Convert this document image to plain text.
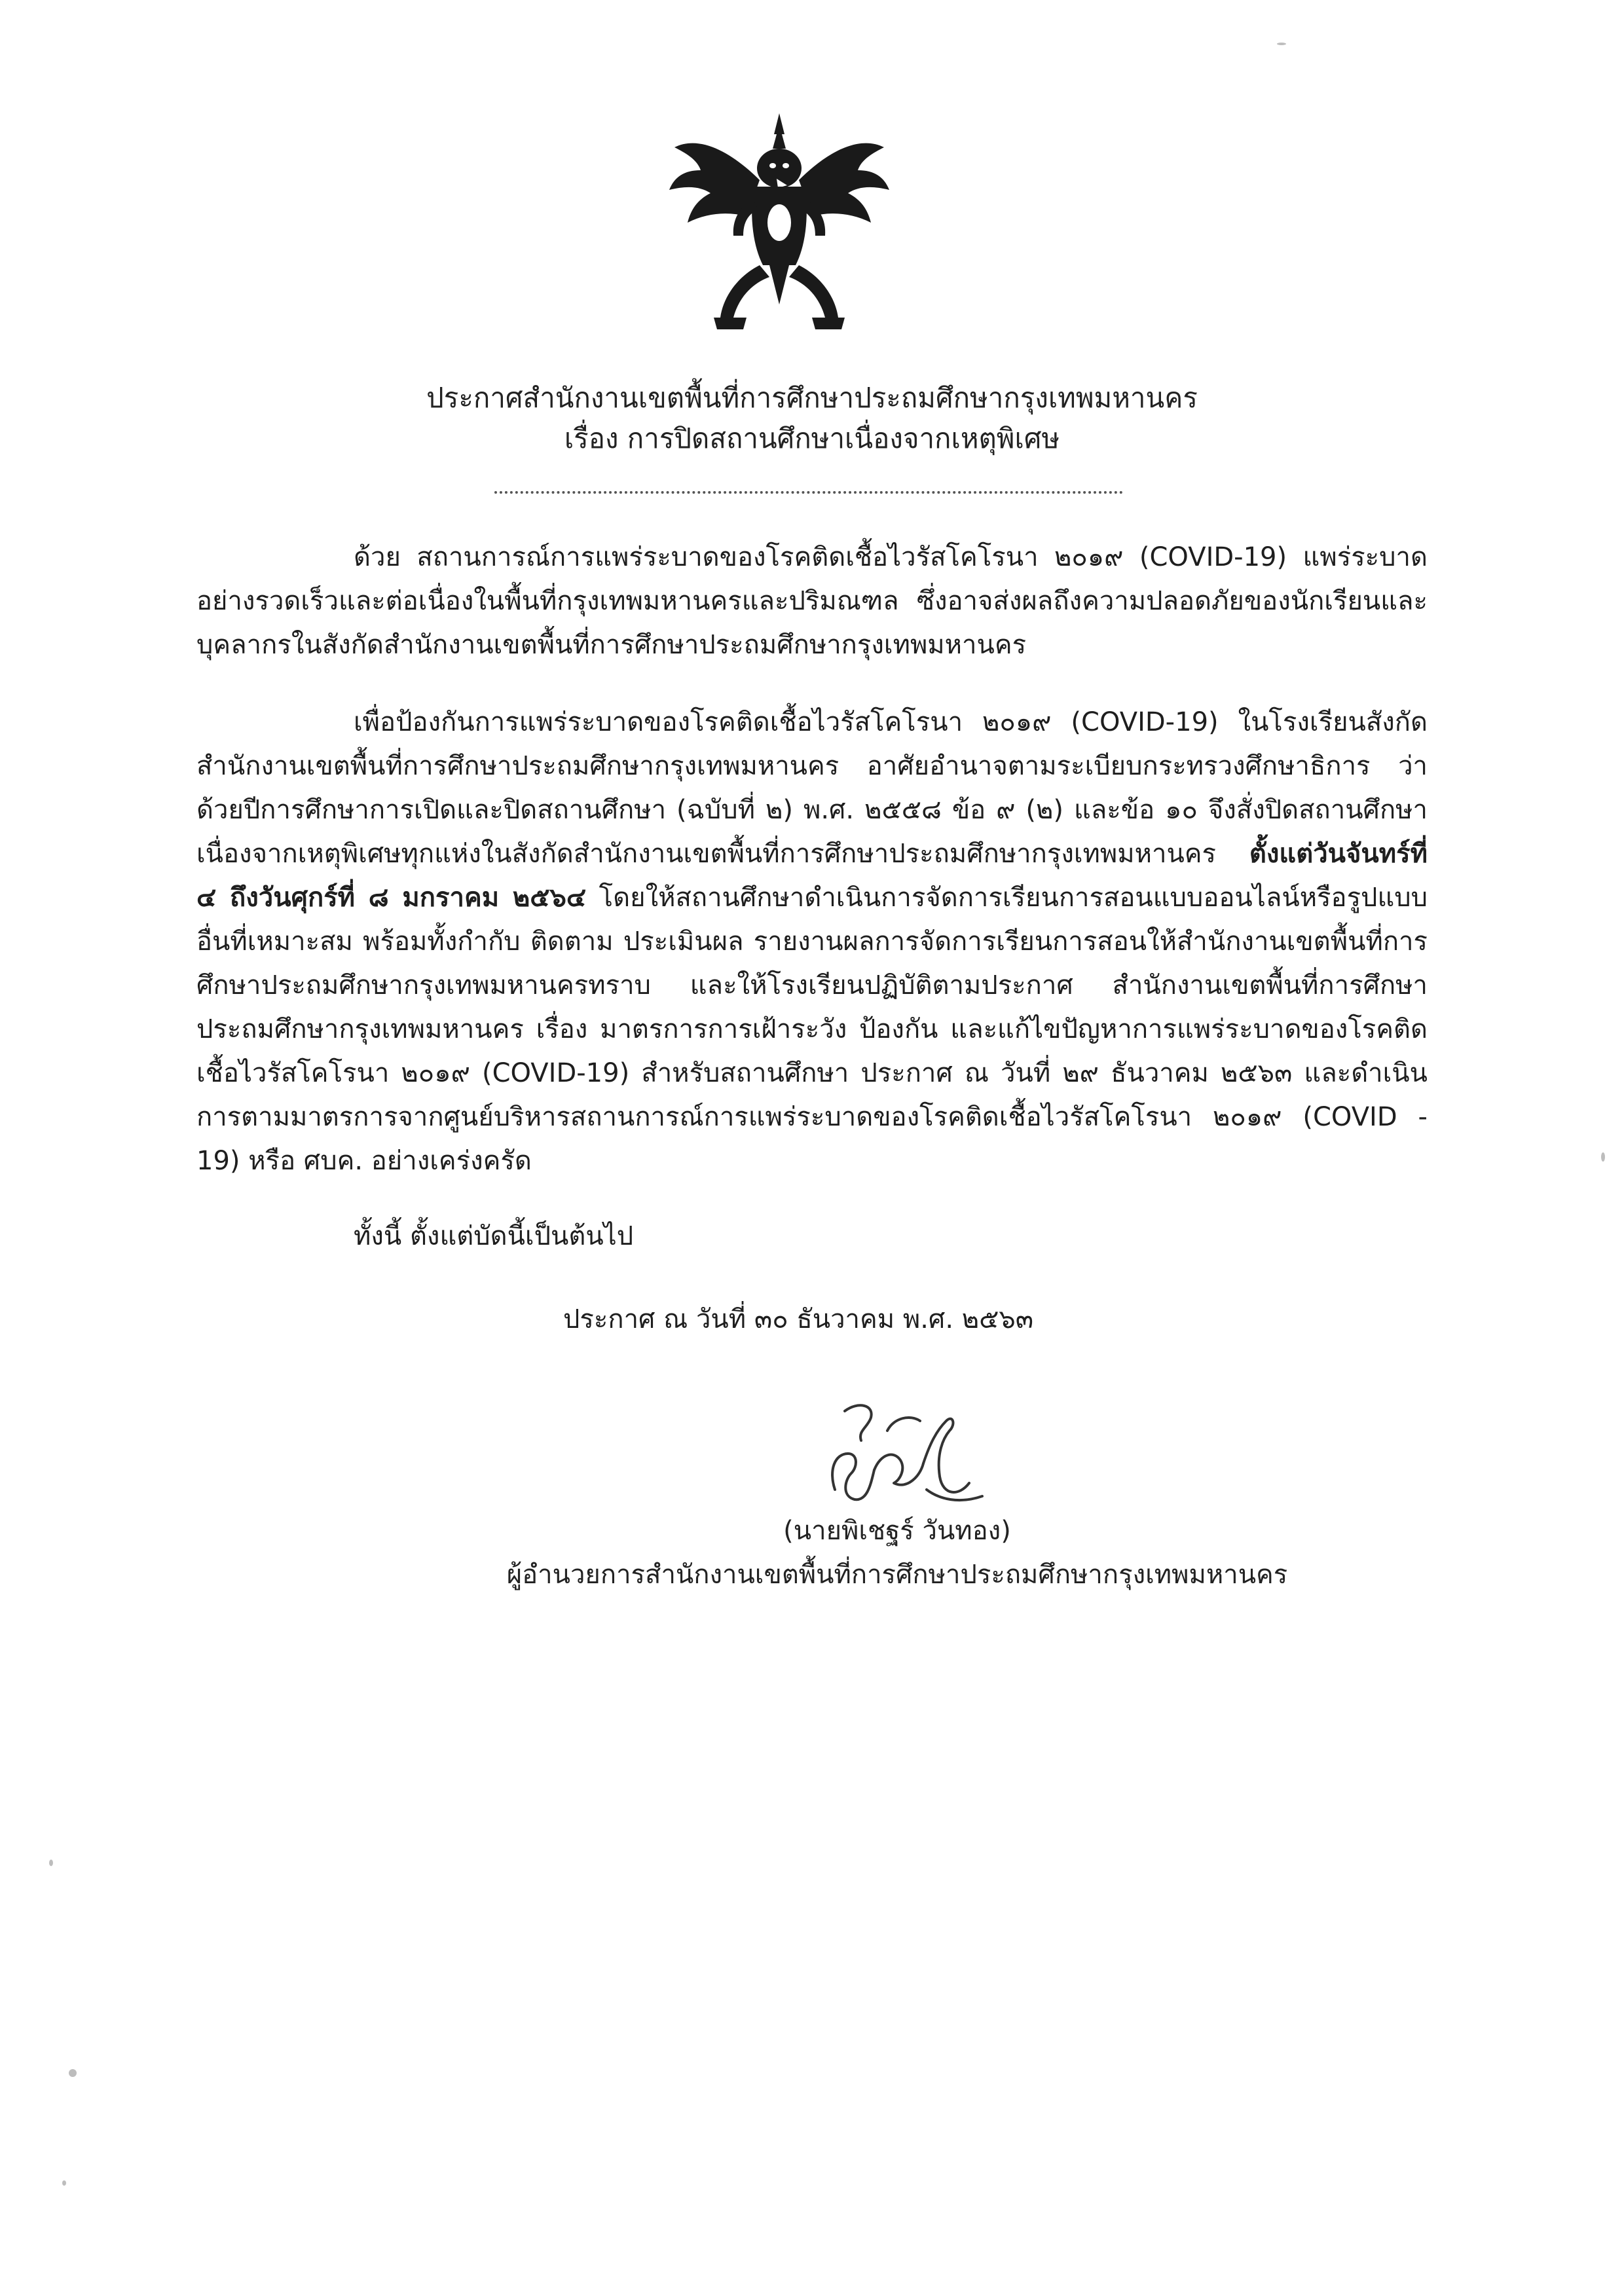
ประกาศสำนักงานเขตพื้นที่การศึกษาประถมศึกษากรุงเทพมหานคร
เรื่อง การปิดสถานศึกษาเนื่องจากเหตุพิเศษ

ด้วย สถานการณ์การแพร่ระบาดของโรคติดเชื้อไวรัสโคโรนา ๒๐๑๙ (COVID-19) แพร่ระบาดอย่างรวดเร็วและต่อเนื่องในพื้นที่กรุงเทพมหานครและปริมณฑล ซึ่งอาจส่งผลถึงความปลอดภัยของนักเรียนและบุคลากรในสังกัดสำนักงานเขตพื้นที่การศึกษาประถมศึกษากรุงเทพมหานคร

เพื่อป้องกันการแพร่ระบาดของโรคติดเชื้อไวรัสโคโรนา ๒๐๑๙ (COVID-19) ในโรงเรียนสังกัดสำนักงานเขตพื้นที่การศึกษาประถมศึกษากรุงเทพมหานคร อาศัยอำนาจตามระเบียบกระทรวงศึกษาธิการ ว่าด้วยปีการศึกษาการเปิดและปิดสถานศึกษา (ฉบับที่ ๒) พ.ศ. ๒๕๕๘ ข้อ ๙ (๒) และข้อ ๑๐ จึงสั่งปิดสถานศึกษา เนื่องจากเหตุพิเศษทุกแห่งในสังกัดสำนักงานเขตพื้นที่การศึกษาประถมศึกษากรุงเทพมหานคร ตั้งแต่วันจันทร์ที่ ๔ ถึงวันศุกร์ที่ ๘ มกราคม ๒๕๖๔ โดยให้สถานศึกษาดำเนินการจัดการเรียนการสอนแบบออนไลน์หรือรูปแบบอื่นที่เหมาะสม พร้อมทั้งกำกับ ติดตาม ประเมินผล รายงานผลการจัดการเรียนการสอนให้สำนักงานเขตพื้นที่การศึกษาประถมศึกษากรุงเทพมหานครทราบ และให้โรงเรียนปฏิบัติตามประกาศ สำนักงานเขตพื้นที่การศึกษาประถมศึกษากรุงเทพมหานคร เรื่อง มาตรการการเฝ้าระวัง ป้องกัน และแก้ไขปัญหาการแพร่ระบาดของโรคติดเชื้อไวรัสโคโรนา ๒๐๑๙ (COVID-19) สำหรับสถานศึกษา ประกาศ ณ วันที่ ๒๙ ธันวาคม ๒๕๖๓ และดำเนินการตามมาตรการจากศูนย์บริหารสถานการณ์การแพร่ระบาดของโรคติดเชื้อไวรัสโคโรนา ๒๐๑๙ (COVID - 19) หรือ ศบค. อย่างเคร่งครัด

ทั้งนี้ ตั้งแต่บัดนี้เป็นต้นไป

ประกาศ ณ วันที่ ๓๐ ธันวาคม พ.ศ. ๒๕๖๓
(นายพิเชฐร์ วันทอง)
ผู้อำนวยการสำนักงานเขตพื้นที่การศึกษาประถมศึกษากรุงเทพมหานคร
